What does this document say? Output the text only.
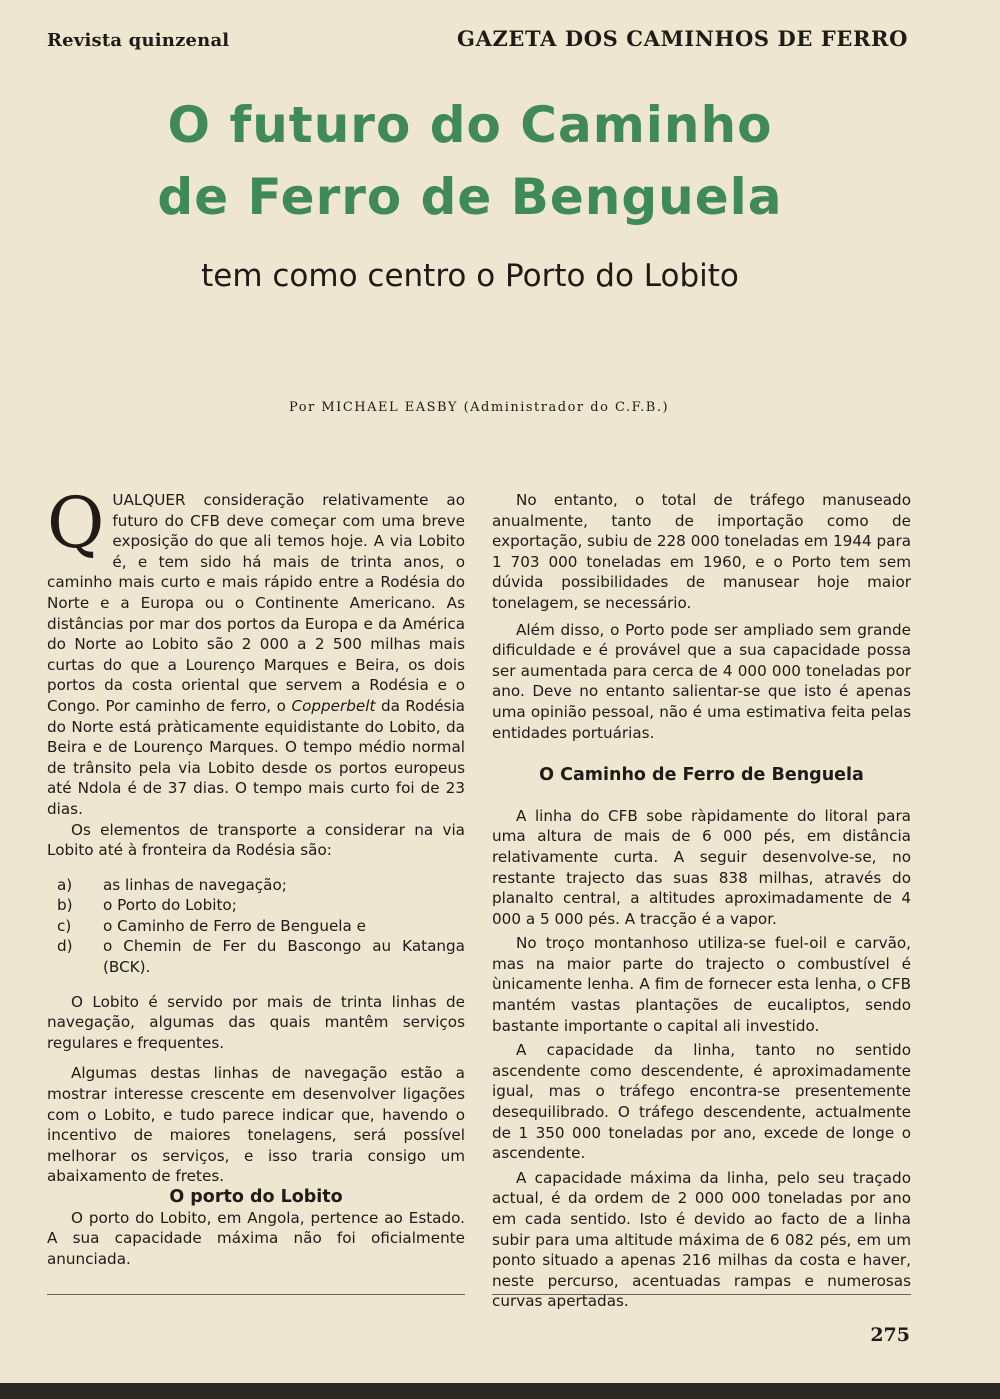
Revista quinzenal	GAZETA DOS CAMINHOS DE FERRO
O futuro do Caminho
de Ferro de Benguela
tem como centro o Porto do Lobito
Por MICHAEL EASBY (Administrador do C.F.B.)

QUALQUER consideração relativamente ao futuro do CFB deve começar com uma breve exposição do que ali temos hoje. A via Lobito é, e tem sido há mais de trinta anos, o caminho mais curto e mais rápido entre a Rodésia do Norte e a Europa ou o Continente Americano. As distâncias por mar dos portos da Europa e da América do Norte ao Lobito são 2 000 a 2 500 milhas mais curtas do que a Lourenço Marques e Beira, os dois portos da costa oriental que servem a Rodésia e o Congo. Por caminho de ferro, o Copperbelt da Rodésia do Norte está pràticamente equidistante do Lobito, da Beira e de Lourenço Marques. O tempo médio normal de trânsito pela via Lobito desde os portos europeus até Ndola é de 37 dias. O tempo mais curto foi de 23 dias.

Os elementos de transporte a considerar na via Lobito até à fronteira da Rodésia são:

a) as linhas de navegação;
b) o Porto do Lobito;
c) o Caminho de Ferro de Benguela e
d) o Chemin de Fer du Bascongo au Katanga (BCK).

O Lobito é servido por mais de trinta linhas de navegação, algumas das quais mantêm serviços regulares e frequentes.

Algumas destas linhas de navegação estão a mostrar interesse crescente em desenvolver ligações com o Lobito, e tudo parece indicar que, havendo o incentivo de maiores tonelagens, será possível melhorar os serviços, e isso traria consigo um abaixamento de fretes.

O porto do Lobito

O porto do Lobito, em Angola, pertence ao Estado. A sua capacidade máxima não foi oficialmente anunciada.

No entanto, o total de tráfego manuseado anualmente, tanto de importação como de exportação, subiu de 228 000 toneladas em 1944 para 1 703 000 toneladas em 1960, e o Porto tem sem dúvida possibilidades de manusear hoje maior tonelagem, se necessário.

Além disso, o Porto pode ser ampliado sem grande dificuldade e é provável que a sua capacidade possa ser aumentada para cerca de 4 000 000 toneladas por ano. Deve no entanto salientar-se que isto é apenas uma opinião pessoal, não é uma estimativa feita pelas entidades portuárias.

O Caminho de Ferro de Benguela

A linha do CFB sobe ràpidamente do litoral para uma altura de mais de 6 000 pés, em distância relativamente curta. A seguir desenvolve-se, no restante trajecto das suas 838 milhas, através do planalto central, a altitudes aproximadamente de 4 000 a 5 000 pés. A tracção é a vapor.

No troço montanhoso utiliza-se fuel-oil e carvão, mas na maior parte do trajecto o combustível é ùnicamente lenha. A fim de fornecer esta lenha, o CFB mantém vastas plantações de eucaliptos, sendo bastante importante o capital ali investido.

A capacidade da linha, tanto no sentido ascendente como descendente, é aproximadamente igual, mas o tráfego encontra-se presentemente desequilibrado. O tráfego descendente, actualmente de 1 350 000 toneladas por ano, excede de longe o ascendente.

A capacidade máxima da linha, pelo seu traçado actual, é da ordem de 2 000 000 toneladas por ano em cada sentido. Isto é devido ao facto de a linha subir para uma altitude máxima de 6 082 pés, em um ponto situado a apenas 216 milhas da costa e haver, neste percurso, acentuadas rampas e numerosas curvas apertadas.

275
